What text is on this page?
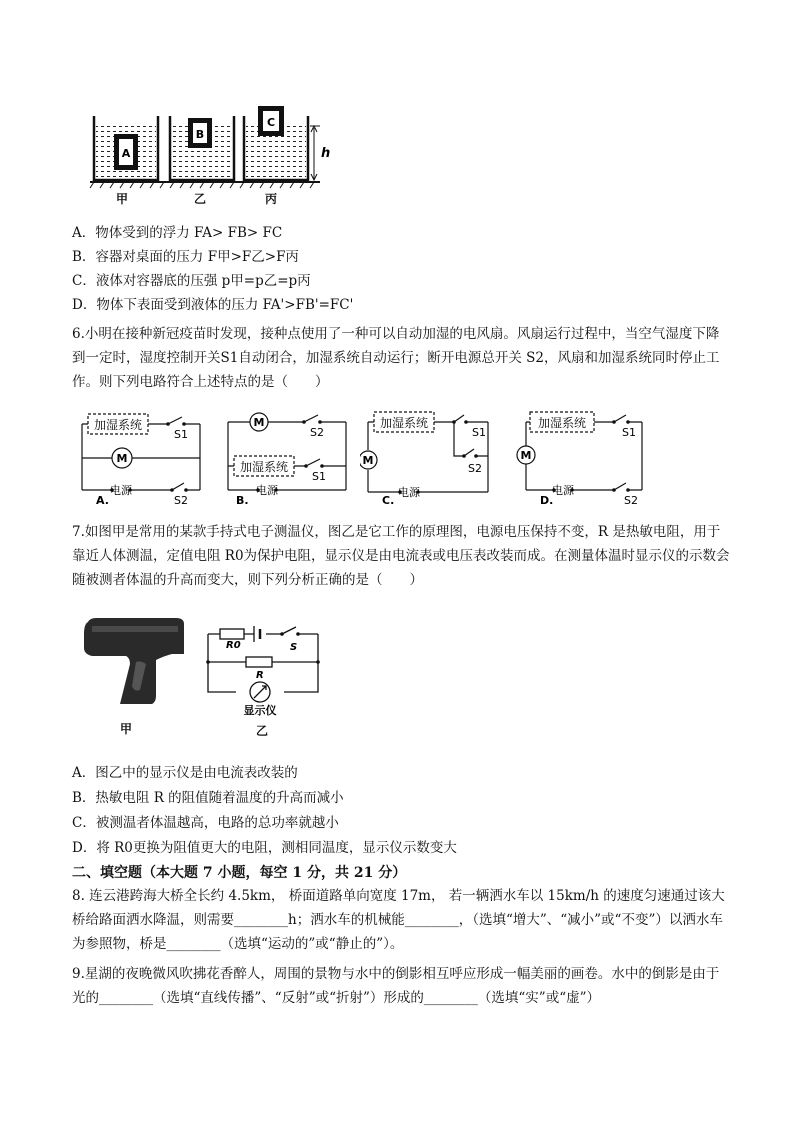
A
B
C
h
甲	乙	丙
A．物体受到的浮力 FA> FB> FC
B．容器对桌面的压力 F甲>F乙>F丙
C．液体对容器底的压强 p甲=p乙=p丙
D．物体下表面受到液体的压力 FA'>FB'=FC'
6.小明在接种新冠疫苗时发现，接种点使用了一种可以自动加湿的电风扇。风扇运行过程中，当空气湿度下降到一定时，湿度控制开关S1自动闭合，加湿系统自动运行；断开电源总开关 S2，风扇和加湿系统同时停止工作。则下列电路符合上述特点的是（　　）
加湿系统
M
S1
电源
S2
A.
M
S2
加湿系统
S1
电源
B.
加湿系统
M
S1
S2
电源
C.
加湿系统
M
S1
电源
S2
D.
7.如图甲是常用的某款手持式电子测温仪，图乙是它工作的原理图，电源电压保持不变，R 是热敏电阻，用于靠近人体测温，定值电阻 R0为保护电阻，显示仪是由电流表或电压表改装而成。在测量体温时显示仪的示数会随被测者体温的升高而变大，则下列分析正确的是（　　）
甲
R0	S
R
显示仪
乙
A．图乙中的显示仪是由电流表改装的
B．热敏电阻 R 的阻值随着温度的升高而减小
C．被测温者体温越高，电路的总功率就越小
D．将 R0更换为阻值更大的电阻，测相同温度，显示仪示数变大
二、填空题（本大题 7 小题，每空 1 分，共 21 分）
8. 连云港跨海大桥全长约 4.5km， 桥面道路单向宽度 17m， 若一辆洒水车以 15km/h 的速度匀速通过该大桥给路面洒水降温，则需要________h；洒水车的机械能________，（选填“增大”、“减小”或“不变”）以洒水车为参照物，桥是________（选填“运动的”或“静止的”）。
9.星湖的夜晚微风吹拂花香醉人，周围的景物与水中的倒影相互呼应形成一幅美丽的画卷。水中的倒影是由于光的________（选填“直线传播”、“反射”或“折射”）形成的________（选填“实”或“虚”）
